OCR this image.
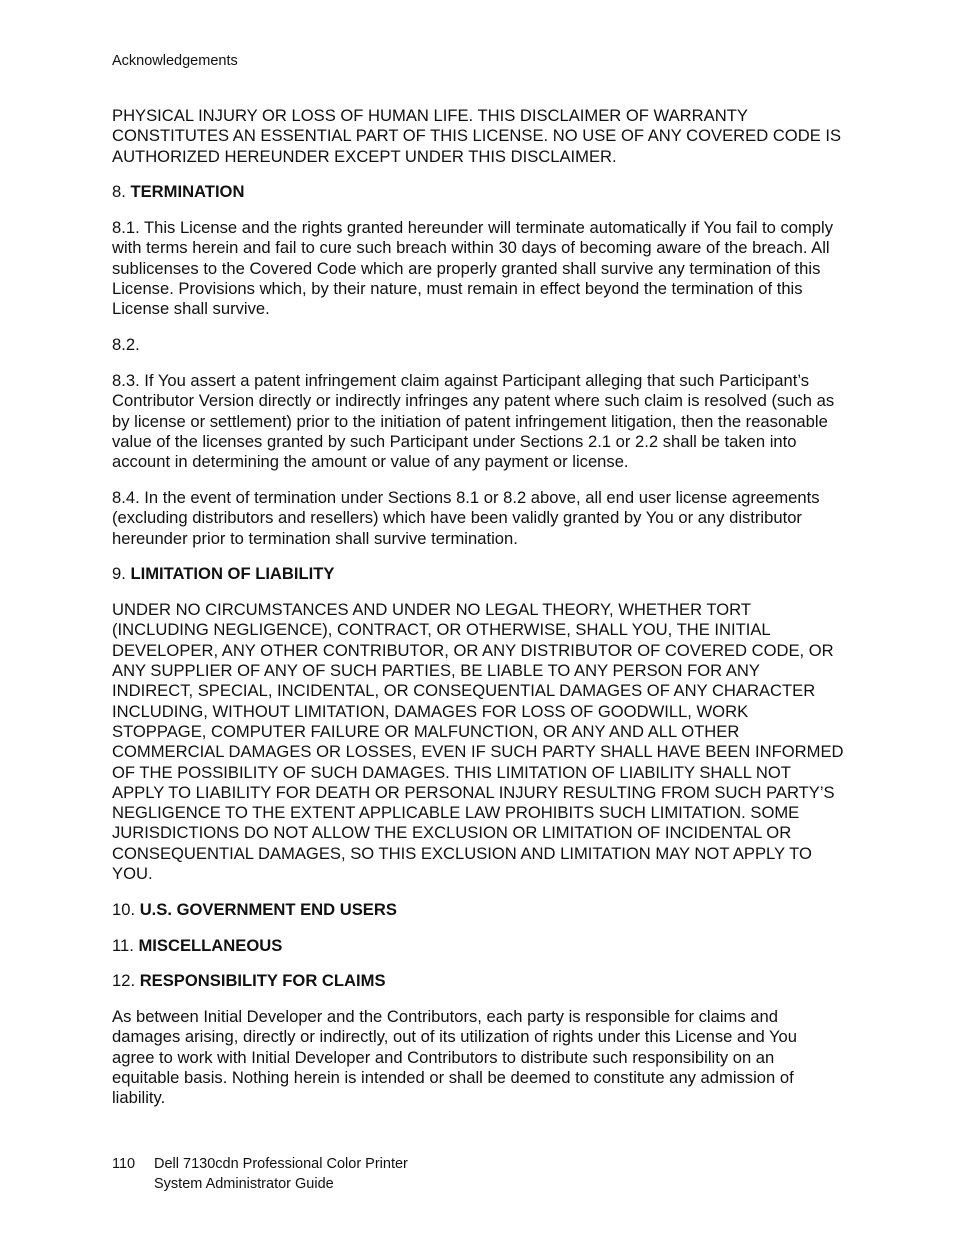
Acknowledgements

PHYSICAL INJURY OR LOSS OF HUMAN LIFE. THIS DISCLAIMER OF WARRANTY CONSTITUTES AN ESSENTIAL PART OF THIS LICENSE. NO USE OF ANY COVERED CODE IS AUTHORIZED HEREUNDER EXCEPT UNDER THIS DISCLAIMER.

8. TERMINATION

8.1. This License and the rights granted hereunder will terminate automatically if You fail to comply with terms herein and fail to cure such breach within 30 days of becoming aware of the breach. All sublicenses to the Covered Code which are properly granted shall survive any termination of this License. Provisions which, by their nature, must remain in effect beyond the termination of this License shall survive.

8.2.

8.3. If You assert a patent infringement claim against Participant alleging that such Participant’s Contributor Version directly or indirectly infringes any patent where such claim is resolved (such as by license or settlement) prior to the initiation of patent infringement litigation, then the reasonable value of the licenses granted by such Participant under Sections 2.1 or 2.2 shall be taken into account in determining the amount or value of any payment or license.

8.4. In the event of termination under Sections 8.1 or 8.2 above, all end user license agreements (excluding distributors and resellers) which have been validly granted by You or any distributor hereunder prior to termination shall survive termination.

9. LIMITATION OF LIABILITY

UNDER NO CIRCUMSTANCES AND UNDER NO LEGAL THEORY, WHETHER TORT (INCLUDING NEGLIGENCE), CONTRACT, OR OTHERWISE, SHALL YOU, THE INITIAL DEVELOPER, ANY OTHER CONTRIBUTOR, OR ANY DISTRIBUTOR OF COVERED CODE, OR ANY SUPPLIER OF ANY OF SUCH PARTIES, BE LIABLE TO ANY PERSON FOR ANY INDIRECT, SPECIAL, INCIDENTAL, OR CONSEQUENTIAL DAMAGES OF ANY CHARACTER INCLUDING, WITHOUT LIMITATION, DAMAGES FOR LOSS OF GOODWILL, WORK STOPPAGE, COMPUTER FAILURE OR MALFUNCTION, OR ANY AND ALL OTHER COMMERCIAL DAMAGES OR LOSSES, EVEN IF SUCH PARTY SHALL HAVE BEEN INFORMED OF THE POSSIBILITY OF SUCH DAMAGES. THIS LIMITATION OF LIABILITY SHALL NOT APPLY TO LIABILITY FOR DEATH OR PERSONAL INJURY RESULTING FROM SUCH PARTY’S NEGLIGENCE TO THE EXTENT APPLICABLE LAW PROHIBITS SUCH LIMITATION. SOME JURISDICTIONS DO NOT ALLOW THE EXCLUSION OR LIMITATION OF INCIDENTAL OR CONSEQUENTIAL DAMAGES, SO THIS EXCLUSION AND LIMITATION MAY NOT APPLY TO YOU.

10. U.S. GOVERNMENT END USERS

11. MISCELLANEOUS

12. RESPONSIBILITY FOR CLAIMS

As between Initial Developer and the Contributors, each party is responsible for claims and damages arising, directly or indirectly, out of its utilization of rights under this License and You agree to work with Initial Developer and Contributors to distribute such responsibility on an equitable basis. Nothing herein is intended or shall be deemed to constitute any admission of liability.

110	Dell 7130cdn Professional Color Printer
System Administrator Guide
